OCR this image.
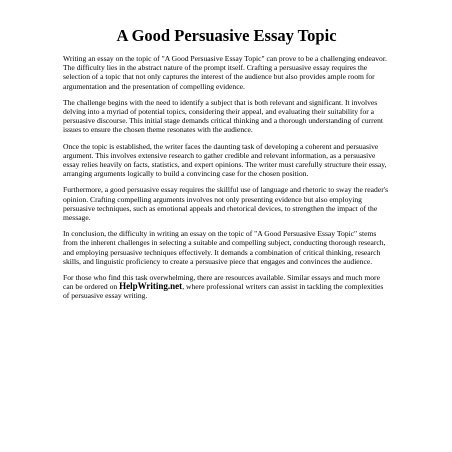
A Good Persuasive Essay Topic

Writing an essay on the topic of "A Good Persuasive Essay Topic" can prove to be a challenging endeavor. The difficulty lies in the abstract nature of the prompt itself. Crafting a persuasive essay requires the selection of a topic that not only captures the interest of the audience but also provides ample room for argumentation and the presentation of compelling evidence.

The challenge begins with the need to identify a subject that is both relevant and significant. It involves delving into a myriad of potential topics, considering their appeal, and evaluating their suitability for a persuasive discourse. This initial stage demands critical thinking and a thorough understanding of current issues to ensure the chosen theme resonates with the audience.

Once the topic is established, the writer faces the daunting task of developing a coherent and persuasive argument. This involves extensive research to gather credible and relevant information, as a persuasive essay relies heavily on facts, statistics, and expert opinions. The writer must carefully structure their essay, arranging arguments logically to build a convincing case for the chosen position.

Furthermore, a good persuasive essay requires the skillful use of language and rhetoric to sway the reader's opinion. Crafting compelling arguments involves not only presenting evidence but also employing persuasive techniques, such as emotional appeals and rhetorical devices, to strengthen the impact of the message.

In conclusion, the difficulty in writing an essay on the topic of "A Good Persuasive Essay Topic" stems from the inherent challenges in selecting a suitable and compelling subject, conducting thorough research, and employing persuasive techniques effectively. It demands a combination of critical thinking, research skills, and linguistic proficiency to create a persuasive piece that engages and convinces the audience.

For those who find this task overwhelming, there are resources available. Similar essays and much more can be ordered on HelpWriting.net, where professional writers can assist in tackling the complexities of persuasive essay writing.
